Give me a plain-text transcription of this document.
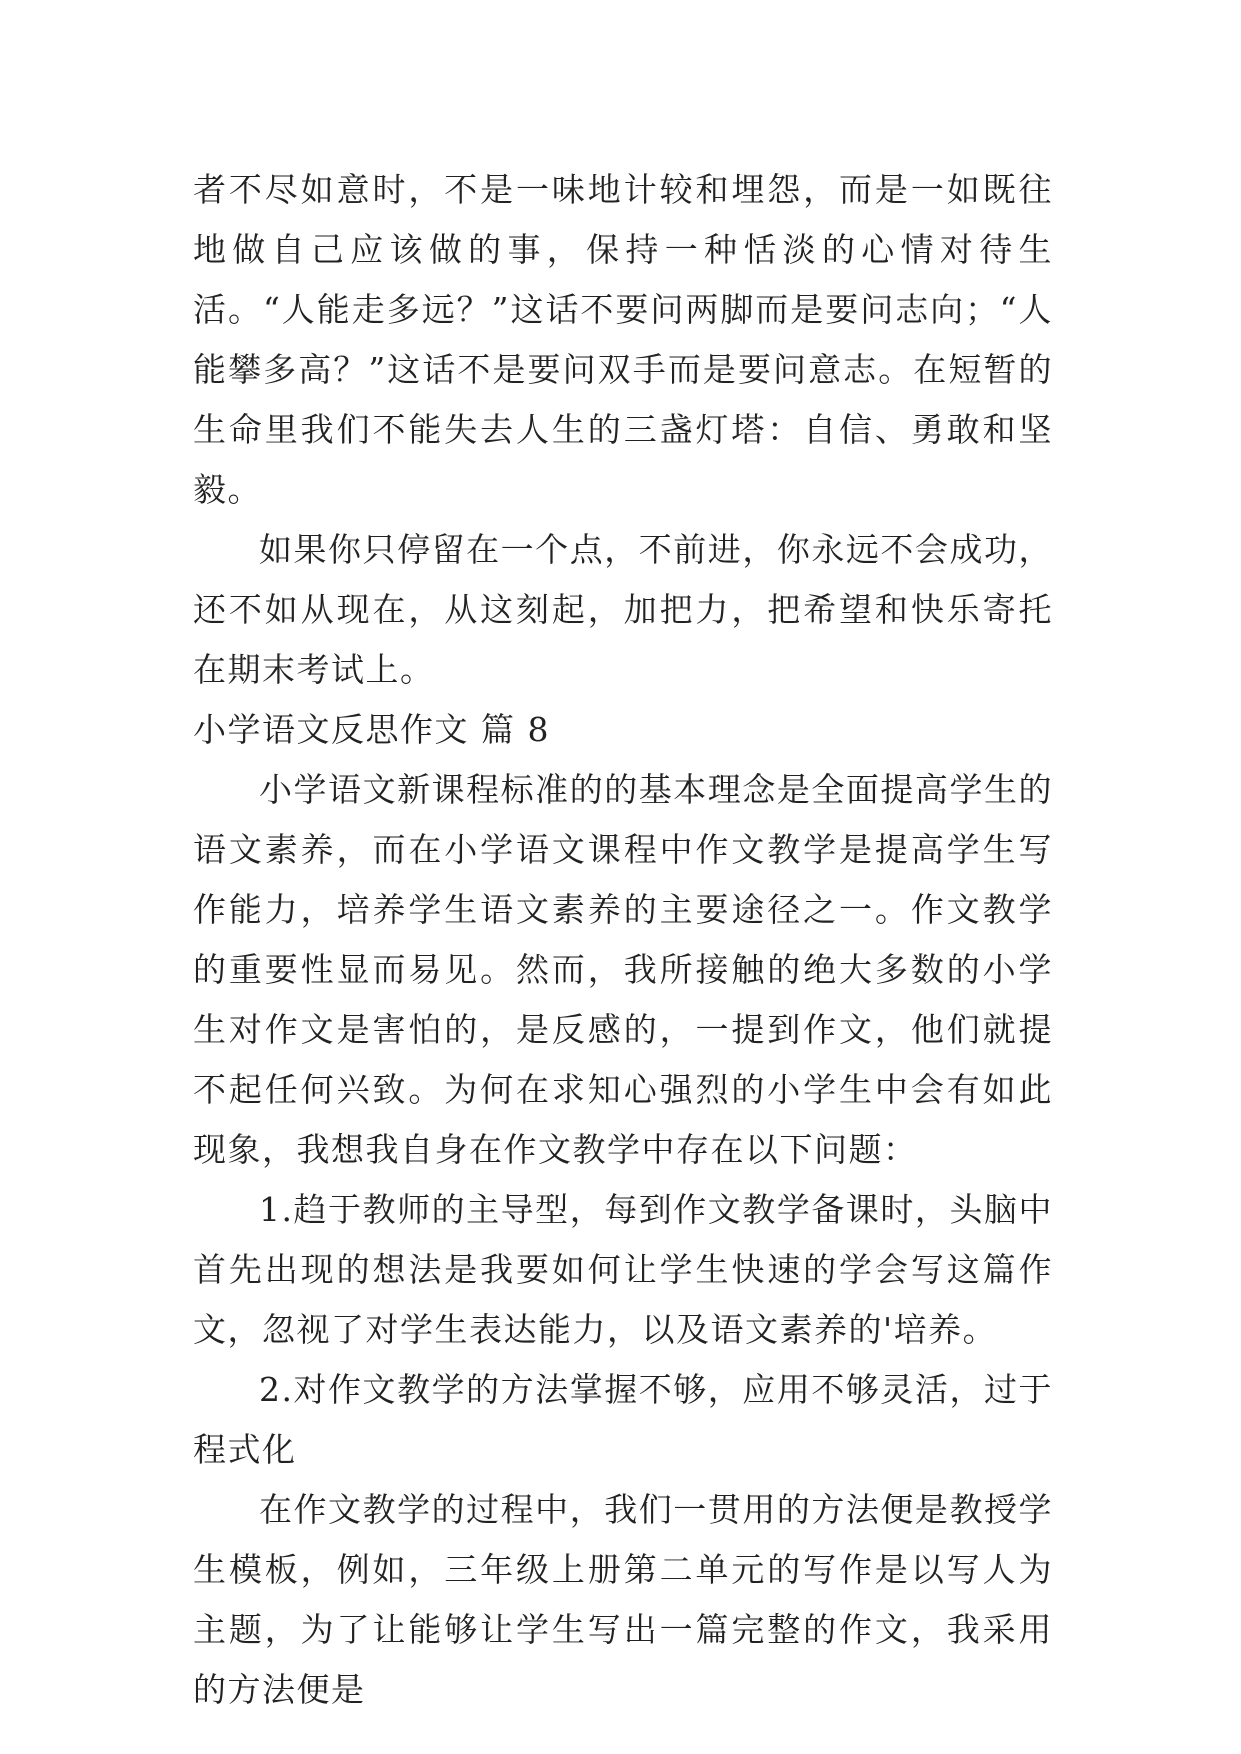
者不尽如意时，不是一味地计较和埋怨，而是一如既往地做自己应该做的事，保持一种恬淡的心情对待生活。“人能走多远？”这话不要问两脚而是要问志向；“人能攀多高？”这话不是要问双手而是要问意志。在短暂的生命里我们不能失去人生的三盏灯塔：自信、勇敢和坚毅。

如果你只停留在一个点，不前进，你永远不会成功，还不如从现在，从这刻起，加把力，把希望和快乐寄托在期末考试上。

小学语文反思作文 篇 8

小学语文新课程标准的的基本理念是全面提高学生的语文素养，而在小学语文课程中作文教学是提高学生写作能力，培养学生语文素养的主要途径之一。作文教学的重要性显而易见。然而，我所接触的绝大多数的小学生对作文是害怕的，是反感的，一提到作文，他们就提不起任何兴致。为何在求知心强烈的小学生中会有如此现象，我想我自身在作文教学中存在以下问题：

1.趋于教师的主导型，每到作文教学备课时，头脑中首先出现的想法是我要如何让学生快速的学会写这篇作文，忽视了对学生表达能力，以及语文素养的'培养。

2.对作文教学的方法掌握不够，应用不够灵活，过于程式化

在作文教学的过程中，我们一贯用的方法便是教授学生模板，例如，三年级上册第二单元的写作是以写人为主题，为了让能够让学生写出一篇完整的作文，我采用的方法便是
